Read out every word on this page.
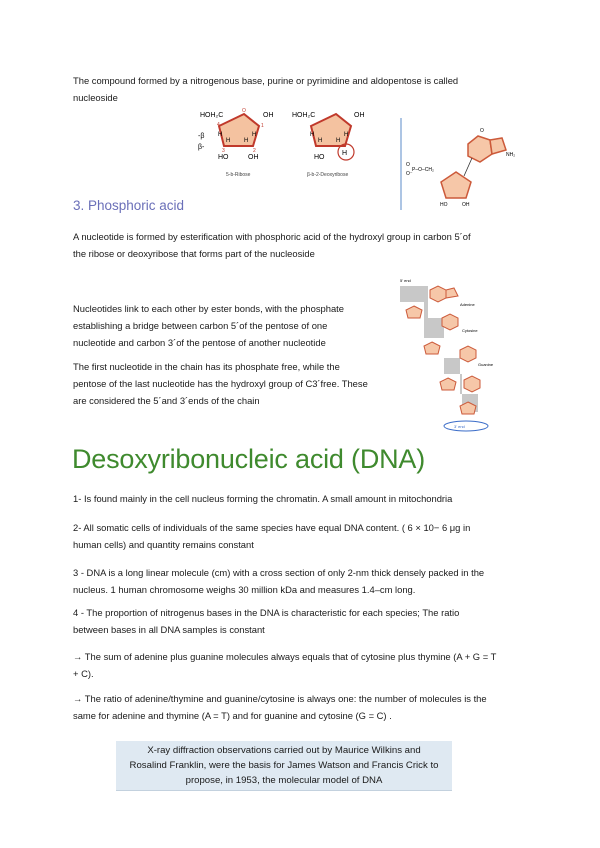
The compound formed by a nitrogenous base, purine or pyrimidine and aldopentose is called
nucleoside
HOH₂C	OH
O
4	1
3	2
H	H
H H
HO	OH
-β
β-
5-b-Ribose
HOH₂C	OH
H	H
H H
HO
H
β-b-2-Deoxyribose
O
O⁻
P–O–CH₂
HO	OH
O
NH₂
3. Phosphoric acid
A nucleotide is formed by esterification with phosphoric acid of the hydroxyl group in carbon 5´of
the ribose or deoxyribose that forms part of the nucleoside
Nucleotides link to each other by ester bonds, with the phosphate
establishing a bridge between carbon 5´of the pentose of one
nucleotide and carbon 3´of the pentose of another nucleotide
The first nucleotide in the chain has its phosphate free, while the
pentose of the last nucleotide has the hydroxyl group of C3´free. These
are considered the 5´and 3´ends of the chain
5' end
Adenine
Cytosine
Guanine
3' end
Desoxyribonucleic acid (DNA)
1- Is found mainly in the cell nucleus forming the chromatin. A small amount in mitochondria
2- All somatic cells of individuals of the same species have equal DNA content. ( 6 × 10− 6 μg in
human cells) and quantity remains constant
3 - DNA is a long linear molecule (cm) with a cross section of only 2-nm thick densely packed in the
nucleus. 1 human chromosome weighs 30 million kDa and measures 1.4–cm long.
4 - The proportion of nitrogenus bases in the DNA is characteristic for each species; The ratio
between bases in all DNA samples is constant
→ The sum of adenine plus guanine molecules always equals that of cytosine plus thymine (A + G = T
+ C).
→ The ratio of adenine/thymine and guanine/cytosine is always one: the number of molecules is the
same for adenine and thymine (A = T) and for guanine and cytosine (G = C) .
X-ray diffraction observations carried out by Maurice Wilkins and
Rosalind Franklin, were the basis for James Watson and Francis Crick to
propose, in 1953, the molecular model of DNA
